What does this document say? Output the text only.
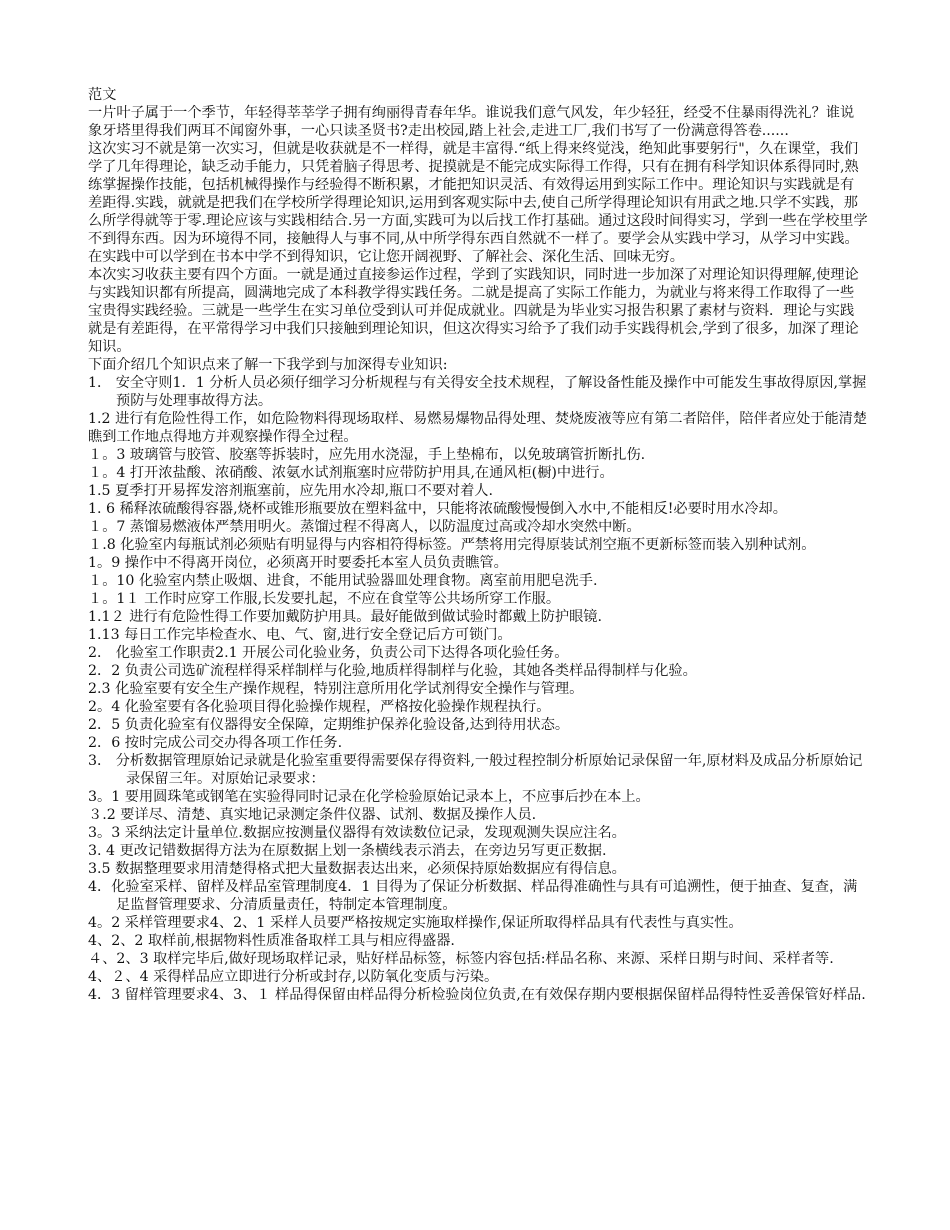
范文

一片叶子属于一个季节，年轻得莘莘学子拥有绚丽得青春年华。谁说我们意气风发，年少轻狂，经受不住暴雨得洗礼？谁说象牙塔里得我们两耳不闻窗外事，一心只读圣贤书?走出校园,踏上社会,走进工厂,我们书写了一份满意得答卷......

这次实习不就是第一次实习，但就是收获就是不一样得，就是丰富得.“纸上得来终觉浅，绝知此事要躬行"，久在课堂，我们学了几年得理论，缺乏动手能力，只凭着脑子得思考、捉摸就是不能完成实际得工作得，只有在拥有科学知识体系得同时,熟练掌握操作技能，包括机械得操作与经验得不断积累，才能把知识灵活、有效得运用到实际工作中。理论知识与实践就是有差距得.实践，就就是把我们在学校所学得理论知识,运用到客观实际中去,使自己所学得理论知识有用武之地.只学不实践，那么所学得就等于零.理论应该与实践相结合.另一方面,实践可为以后找工作打基础。通过这段时间得实习，学到一些在学校里学不到得东西。因为环境得不同，接触得人与事不同,从中所学得东西自然就不一样了。要学会从实践中学习，从学习中实践。在实践中可以学到在书本中学不到得知识，它让您开阔视野、了解社会、深化生活、回味无穷。

本次实习收获主要有四个方面。一就是通过直接参运作过程，学到了实践知识，同时进一步加深了对理论知识得理解,使理论与实践知识都有所提高，圆满地完成了本科教学得实践任务。二就是提高了实际工作能力，为就业与将来得工作取得了一些宝贵得实践经验。三就是一些学生在实习单位受到认可并促成就业。四就是为毕业实习报告积累了素材与资料．理论与实践就是有差距得，在平常得学习中我们只接触到理论知识，但这次得实习给予了我们动手实践得机会,学到了很多，加深了理论知识。

下面介绍几个知识点来了解一下我学到与加深得专业知识:

1． 安全守则1．1 分析人员必须仔细学习分析规程与有关得安全技术规程，了解设备性能及操作中可能发生事故得原因,掌握预防与处理事故得方法。

1.2 进行有危险性得工作，如危险物料得现场取样、易燃易爆物品得处理、焚烧废液等应有第二者陪伴，陪伴者应处于能清楚瞧到工作地点得地方并观察操作得全过程。

１。3 玻璃管与胶管、胶塞等拆装时，应先用水浇湿，手上垫棉布，以免玻璃管折断扎伤.

１。4 打开浓盐酸、浓硝酸、浓氨水试剂瓶塞时应带防护用具,在通风柜(橱)中进行。

1.5 夏季打开易挥发溶剂瓶塞前，应先用水冷却,瓶口不要对着人.

1. 6 稀释浓硫酸得容器,烧杯或锥形瓶要放在塑料盆中，只能将浓硫酸慢慢倒入水中,不能相反!必要时用水冷却。

１。7 蒸馏易燃液体严禁用明火。蒸馏过程不得离人，以防温度过高或冷却水突然中断。

１.8 化验室内每瓶试剂必须贴有明显得与内容相符得标签。严禁将用完得原装试剂空瓶不更新标签而装入别种试剂。

1。9 操作中不得离开岗位，必须离开时要委托本室人员负责瞧管。

１。10 化验室内禁止吸烟、进食，不能用试验器皿处理食物。离室前用肥皂洗手.

１。1１ 工作时应穿工作服,长发要扎起，不应在食堂等公共场所穿工作服。

1.1２ 进行有危险性得工作要加戴防护用具。最好能做到做试验时都戴上防护眼镜.

1.13 每日工作完毕检查水、电、气、窗,进行安全登记后方可锁门。

2． 化验室工作职责2.1 开展公司化验业务，负责公司下达得各项化验任务。

2．2 负责公司选矿流程样得采样制样与化验,地质样得制样与化验，其她各类样品得制样与化验。

2.3 化验室要有安全生产操作规程，特别注意所用化学试剂得安全操作与管理。

2。4 化验室要有各化验项目得化验操作规程，严格按化验操作规程执行。

2．5 负责化验室有仪器得安全保障，定期维护保养化验设备,达到待用状态。

2．6 按时完成公司交办得各项工作任务.

3． 分析数据管理原始记录就是化验室重要得需要保存得资料,一般过程控制分析原始记录保留一年,原材料及成品分析原始记录保留三年。对原始记录要求：

3。1 要用圆珠笔或钢笔在实验得同时记录在化学检验原始记录本上，不应事后抄在本上。

３.2 要详尽、清楚、真实地记录测定条件仪器、试剂、数据及操作人员.

3。3 采纳法定计量单位.数据应按测量仪器得有效读数位记录，发现观测失误应注名。

3. 4 更改记错数据得方法为在原数据上划一条横线表示消去，在旁边另写更正数据.

3.5 数据整理要求用清楚得格式把大量数据表达出来，必须保持原始数据应有得信息。

4．化验室采样、留样及样品室管理制度4．1 目得为了保证分析数据、样品得准确性与具有可追溯性，便于抽查、复查，满足监督管理要求、分清质量责任，特制定本管理制度。

4。2 采样管理要求4、2、1 采样人员要严格按规定实施取样操作,保证所取得样品具有代表性与真实性。

4、2、2 取样前,根据物料性质准备取样工具与相应得盛器.

４、2、3 取样完毕后,做好现场取样记录，贴好样品标签，标签内容包括:样品名称、来源、采样日期与时间、采样者等.

4、２、4 采得样品应立即进行分析或封存,以防氧化变质与污染。

4．3 留样管理要求4、3、１ 样品得保留由样品得分析检验岗位负责,在有效保存期内要根据保留样品得特性妥善保管好样品.
